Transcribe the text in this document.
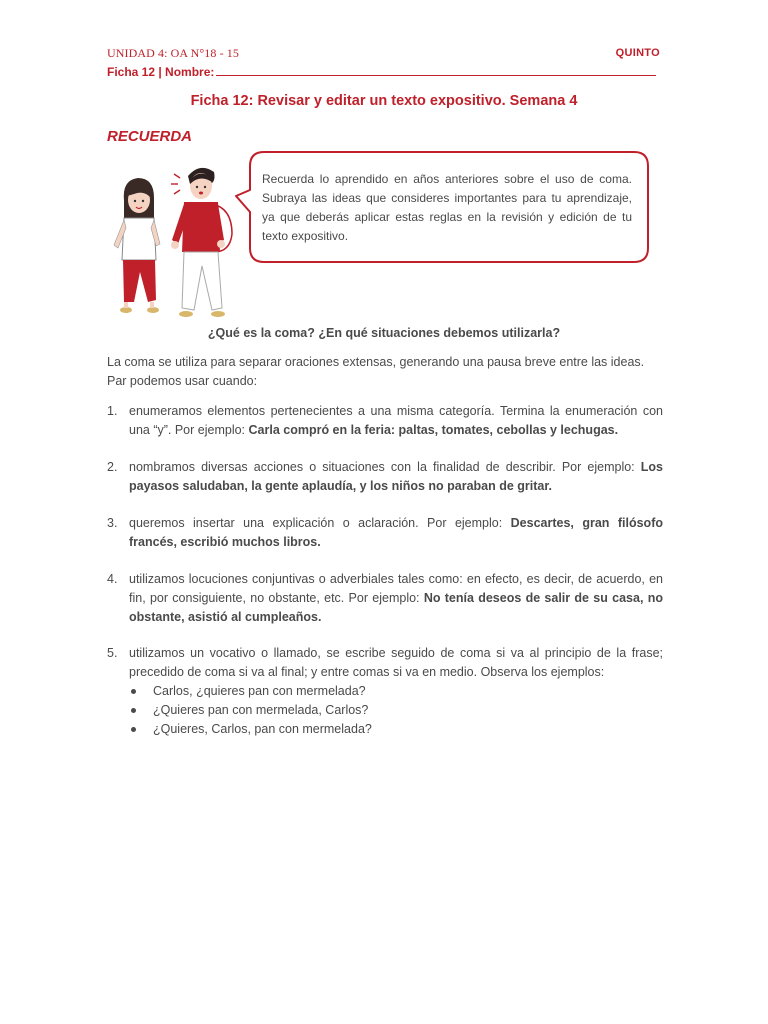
UNIDAD 4: OA N°18 - 15	QUINTO
Ficha 12 | Nombre:
Ficha 12: Revisar y editar un texto expositivo. Semana 4
RECUERDA
Recuerda lo aprendido en años anteriores sobre el uso de coma. Subraya las ideas que consideres importantes para tu aprendizaje, ya que deberás aplicar estas reglas en la revisión y edición de tu texto expositivo.
¿Qué es la coma? ¿En qué situaciones debemos utilizarla?
La coma se utiliza para separar oraciones extensas, generando una pausa breve entre las ideas. Par podemos usar cuando:
1. enumeramos elementos pertenecientes a una misma categoría. Termina la enumeración con una “y”. Por ejemplo: Carla compró en la feria: paltas, tomates, cebollas y lechugas.
2. nombramos diversas acciones o situaciones con la finalidad de describir. Por ejemplo: Los payasos saludaban, la gente aplaudía, y los niños no paraban de gritar.
3. queremos insertar una explicación o aclaración. Por ejemplo: Descartes, gran filósofo francés, escribió muchos libros.
4. utilizamos locuciones conjuntivas o adverbiales tales como: en efecto, es decir, de acuerdo, en fin, por consiguiente, no obstante, etc. Por ejemplo: No tenía deseos de salir de su casa, no obstante, asistió al cumpleaños.
5. utilizamos un vocativo o llamado, se escribe seguido de coma si va al principio de la frase; precedido de coma si va al final; y entre comas si va en medio. Observa los ejemplos:
Carlos, ¿quieres pan con mermelada?
¿Quieres pan con mermelada, Carlos?
¿Quieres, Carlos, pan con mermelada?
